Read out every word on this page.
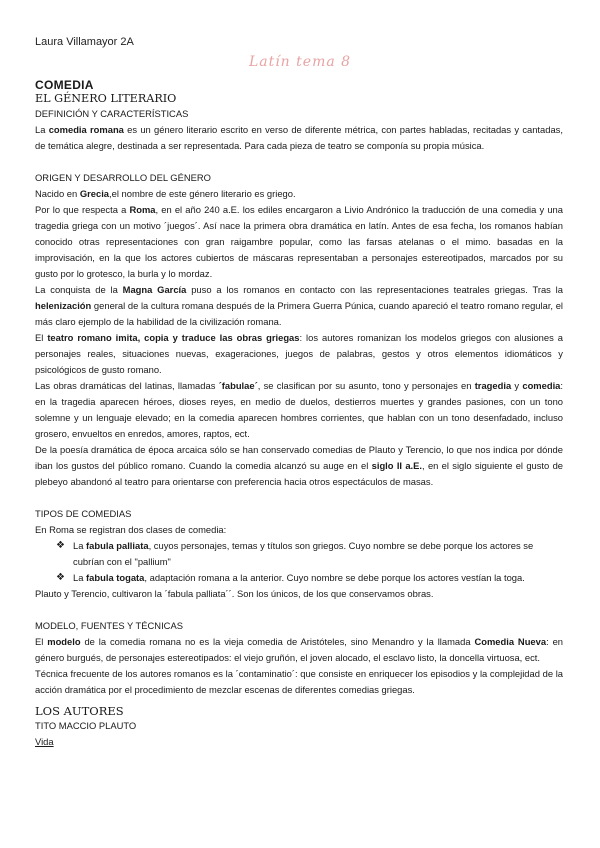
Laura Villamayor 2A
Latín tema 8
COMEDIA
EL GÉNERO LITERARIO
DEFINICIÓN Y CARACTERÍSTICAS

La comedia romana es un género literario escrito en verso de diferente métrica, con partes habladas, recitadas y cantadas, de temática alegre, destinada a ser representada. Para cada pieza de teatro se componía su propia música.

ORIGEN Y DESARROLLO DEL GÉNERO

Nacido en Grecia,el nombre de este género literario es griego.

Por lo que respecta a Roma, en el año 240 a.E. los ediles encargaron a Livio Andrónico la traducción de una comedia y una tragedia griega con un motivo ´juegos´. Así nace la primera obra dramática en latín. Antes de esa fecha, los romanos habían conocido otras representaciones con gran raigambre popular, como las farsas atelanas o el mimo. basadas en la improvisación, en la que los actores cubiertos de máscaras representaban a personajes estereotipados, marcados por su gusto por lo grotesco, la burla y lo mordaz.

La conquista de la Magna García puso a los romanos en contacto con las representaciones teatrales griegas. Tras la helenización general de la cultura romana después de la Primera Guerra Púnica, cuando apareció el teatro romano regular, el más claro ejemplo de la habilidad de la civilización romana.

El teatro romano imita, copia y traduce las obras griegas: los autores romanizan los modelos griegos con alusiones a personajes reales, situaciones nuevas, exageraciones, juegos de palabras, gestos y otros elementos idiomáticos y psicológicos de gusto romano.

Las obras dramáticas del latinas, llamadas ´fabulae´, se clasifican por su asunto, tono y personajes en tragedia y comedia: en la tragedia aparecen héroes, dioses reyes, en medio de duelos, destierros muertes y grandes pasiones, con un tono solemne y un lenguaje elevado; en la comedia aparecen hombres corrientes, que hablan con un tono desenfadado, incluso grosero, envueltos en enredos, amores, raptos, ect.

De la poesía dramática de época arcaica sólo se han conservado comedias de Plauto y Terencio, lo que nos indica por dónde iban los gustos del público romano. Cuando la comedia alcanzó su auge en el siglo II a.E., en el siglo siguiente el gusto de plebeyo abandonó al teatro para orientarse con preferencia hacia otros espectáculos de masas.

TIPOS DE COMEDIAS

En Roma se registran dos clases de comedia:

❖ La fabula palliata, cuyos personajes, temas y títulos son griegos. Cuyo nombre se debe porque los actores se cubrían con el "pallium"
❖ La fabula togata, adaptación romana a la anterior. Cuyo nombre se debe porque los actores vestían la toga.

Plauto y Terencio, cultivaron la ´fabula palliata´´. Son los únicos, de los que conservamos obras.

MODELO, FUENTES Y TÉCNICAS

El modelo de la comedia romana no es la vieja comedia de Aristóteles, sino Menandro y la llamada Comedia Nueva: en género burgués, de personajes estereotipados: el viejo gruñón, el joven alocado, el esclavo listo, la doncella virtuosa, ect.

Técnica frecuente de los autores romanos es la ´contaminatio´: que consiste en enriquecer los episodios y la complejidad de la acción dramática por el procedimiento de mezclar escenas de diferentes comedias griegas.

LOS AUTORES
TITO MACCIO PLAUTO
Vida
